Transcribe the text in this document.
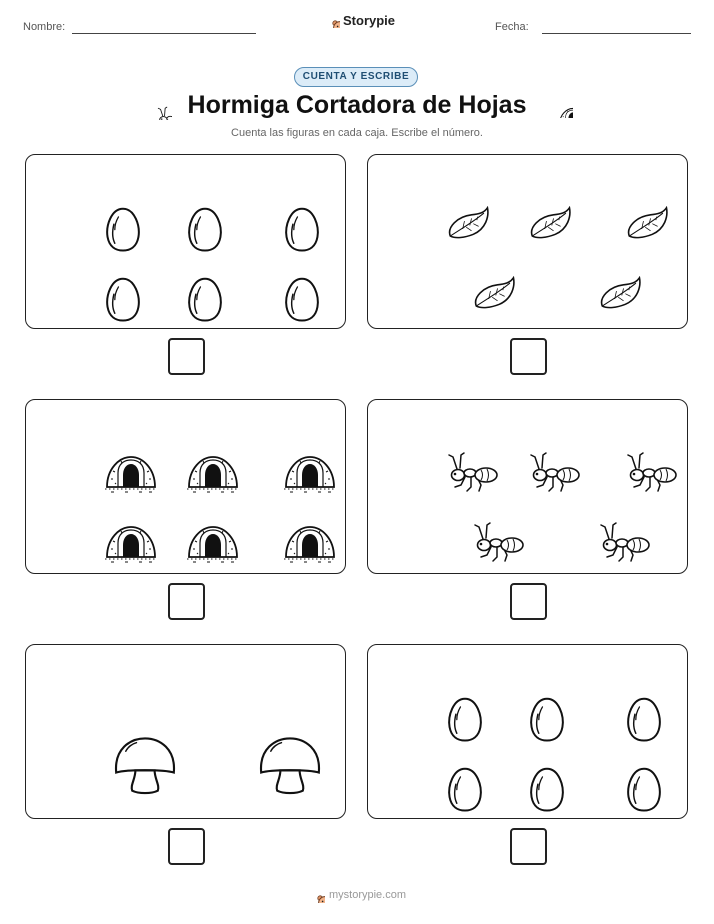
Nombre:	Storypie	Fecha:
CUENTA Y ESCRIBE
Hormiga Cortadora de Hojas
Cuenta las figuras en cada caja. Escribe el número.
mystorypie.com
